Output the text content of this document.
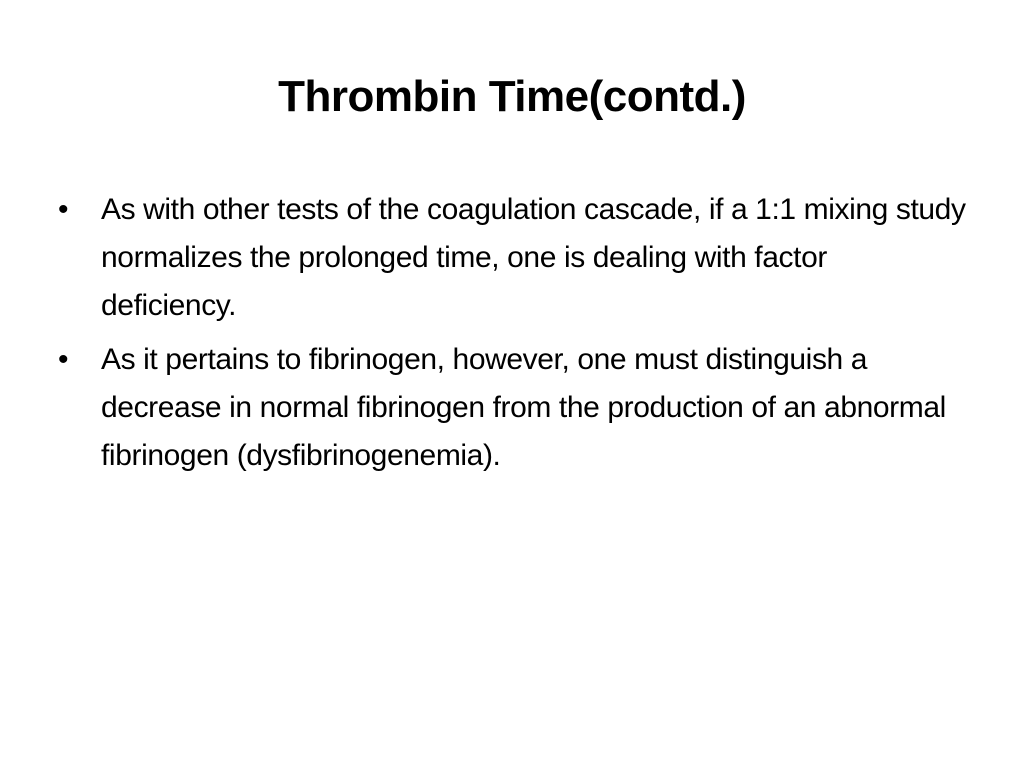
Thrombin Time(contd.)
•	As with other tests of the coagulation cascade, if a 1:1 mixing study normalizes the prolonged time, one is dealing with factor deficiency.
•	As it pertains to fibrinogen, however, one must distinguish a decrease in normal fibrinogen from the production of an abnormal fibrinogen (dysfibrinogenemia).
